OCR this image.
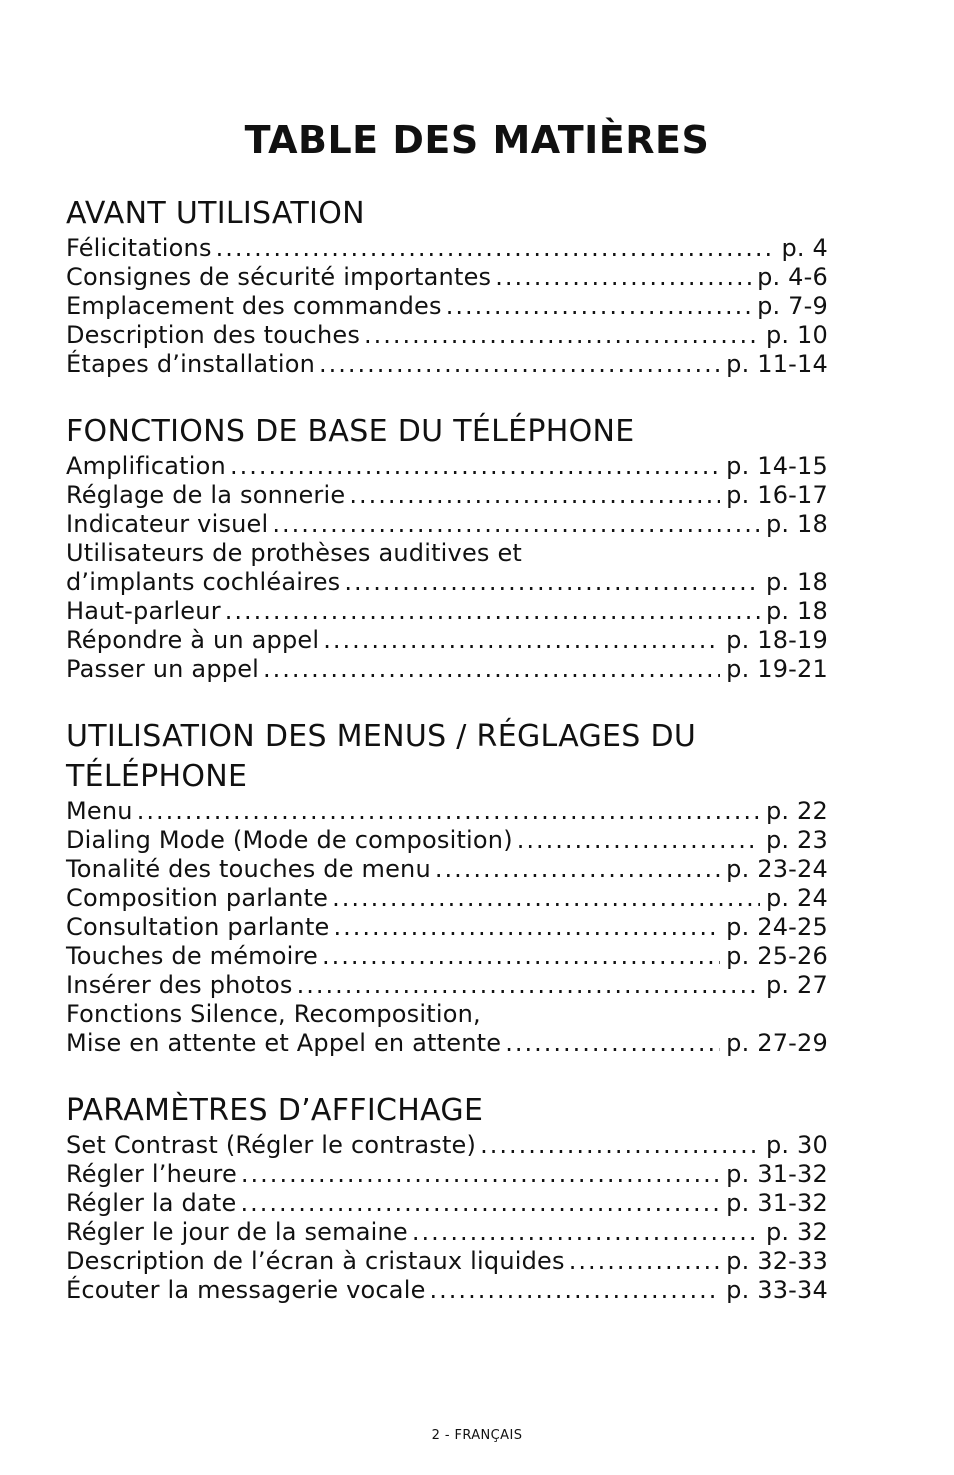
TABLE DES MATIÈRES
AVANT UTILISATION
Félicitations .....	p. 4
Consignes de sécurité importantes .....	p. 4-6
Emplacement des commandes .....	p. 7-9
Description des touches .....	p. 10
Étapes d’installation .....	p. 11-14
FONCTIONS DE BASE DU TÉLÉPHONE
Amplification .....	p. 14-15
Réglage de la sonnerie .....	p. 16-17
Indicateur visuel .....	p. 18
Utilisateurs de prothèses auditives et
d’implants cochléaires .....	p. 18
Haut-parleur .....	p. 18
Répondre à un appel .....	p. 18-19
Passer un appel .....	p. 19-21
UTILISATION DES MENUS / RÉGLAGES DU
TÉLÉPHONE
Menu .....	p. 22
Dialing Mode (Mode de composition) .....	p. 23
Tonalité des touches de menu .....	p. 23-24
Composition parlante .....	p. 24
Consultation parlante .....	p. 24-25
Touches de mémoire .....	p. 25-26
Insérer des photos .....	p. 27
Fonctions Silence, Recomposition,
Mise en attente et Appel en attente .....	p. 27-29
PARAMÈTRES D’AFFICHAGE
Set Contrast (Régler le contraste) .....	p. 30
Régler l’heure .....	p. 31-32
Régler la date .....	p. 31-32
Régler le jour de la semaine .....	p. 32
Description de l’écran à cristaux liquides .....	p. 32-33
Écouter la messagerie vocale .....	p. 33-34
2 - FRANÇAIS
